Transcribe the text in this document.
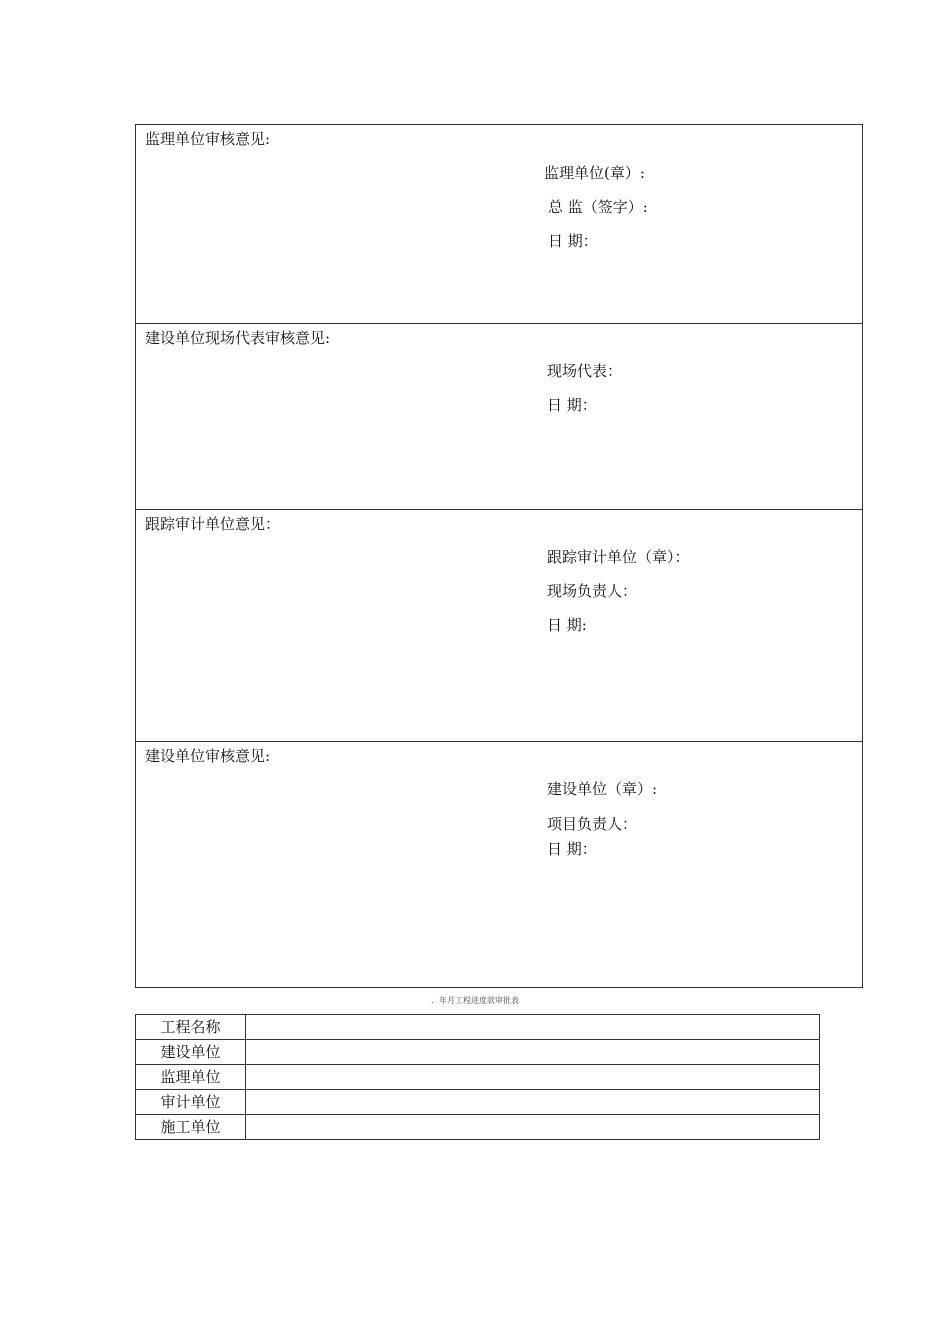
监理单位审核意见:
监理单位(章）:
总 监（签字）:
日 期：
建设单位现场代表审核意见:
现场代表：
日 期：
跟踪审计单位意见：
跟踪审计单位（章）：
现场负责人：
日 期:
建设单位审核意见:
建设单位（章）:
项目负责人：
日 期：
．年月工程进度款审批表
工程名称	
建设单位	
监理单位	
审计单位	
施工单位	
